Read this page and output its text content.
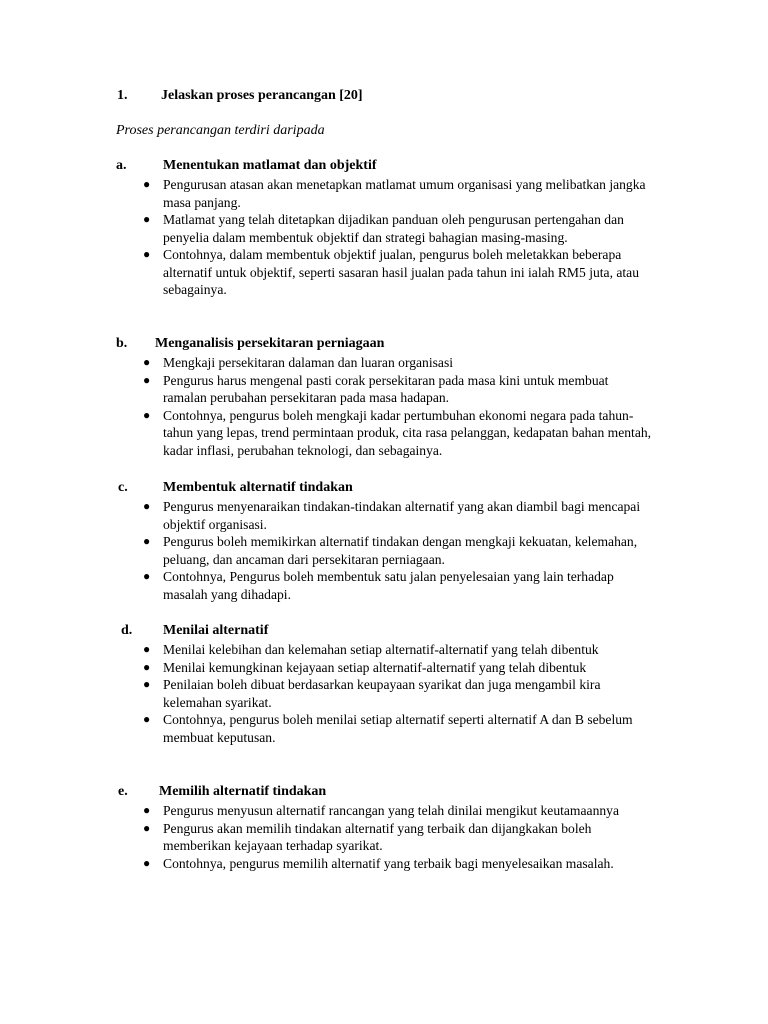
1. Jelaskan proses perancangan [20]
Proses perancangan terdiri daripada
a.	Menentukan matlamat dan objektif
● Pengurusan atasan akan menetapkan matlamat umum organisasi yang melibatkan jangka masa panjang.
● Matlamat yang telah ditetapkan dijadikan panduan oleh pengurusan pertengahan dan penyelia dalam membentuk objektif dan strategi bahagian masing-masing.
● Contohnya, dalam membentuk objektif jualan, pengurus boleh meletakkan beberapa alternatif untuk objektif, seperti sasaran hasil jualan pada tahun ini ialah RM5 juta, atau sebagainya.
b. Menganalisis persekitaran perniagaan
● Mengkaji persekitaran dalaman dan luaran organisasi
● Pengurus harus mengenal pasti corak persekitaran pada masa kini untuk membuat ramalan perubahan persekitaran pada masa hadapan.
● Contohnya, pengurus boleh mengkaji kadar pertumbuhan ekonomi negara pada tahun-tahun yang lepas, trend permintaan produk, cita rasa pelanggan, kedapatan bahan mentah, kadar inflasi, perubahan teknologi, dan sebagainya.
c.	Membentuk alternatif tindakan
● Pengurus menyenaraikan tindakan-tindakan alternatif yang akan diambil bagi mencapai objektif organisasi.
● Pengurus boleh memikirkan alternatif tindakan dengan mengkaji kekuatan, kelemahan, peluang, dan ancaman dari persekitaran perniagaan.
● Contohnya, Pengurus boleh membentuk satu jalan penyelesaian yang lain terhadap masalah yang dihadapi.
d. Menilai alternatif
● Menilai kelebihan dan kelemahan setiap alternatif-alternatif yang telah dibentuk
● Menilai kemungkinan kejayaan setiap alternatif-alternatif yang telah dibentuk
● Penilaian boleh dibuat berdasarkan keupayaan syarikat dan juga mengambil kira kelemahan syarikat.
● Contohnya, pengurus boleh menilai setiap alternatif seperti alternatif A dan B sebelum membuat keputusan.
e. Memilih alternatif tindakan
● Pengurus menyusun alternatif rancangan yang telah dinilai mengikut keutamaannya
● Pengurus akan memilih tindakan alternatif yang terbaik dan dijangkakan boleh memberikan kejayaan terhadap syarikat.
● Contohnya, pengurus memilih alternatif yang terbaik bagi menyelesaikan masalah.
